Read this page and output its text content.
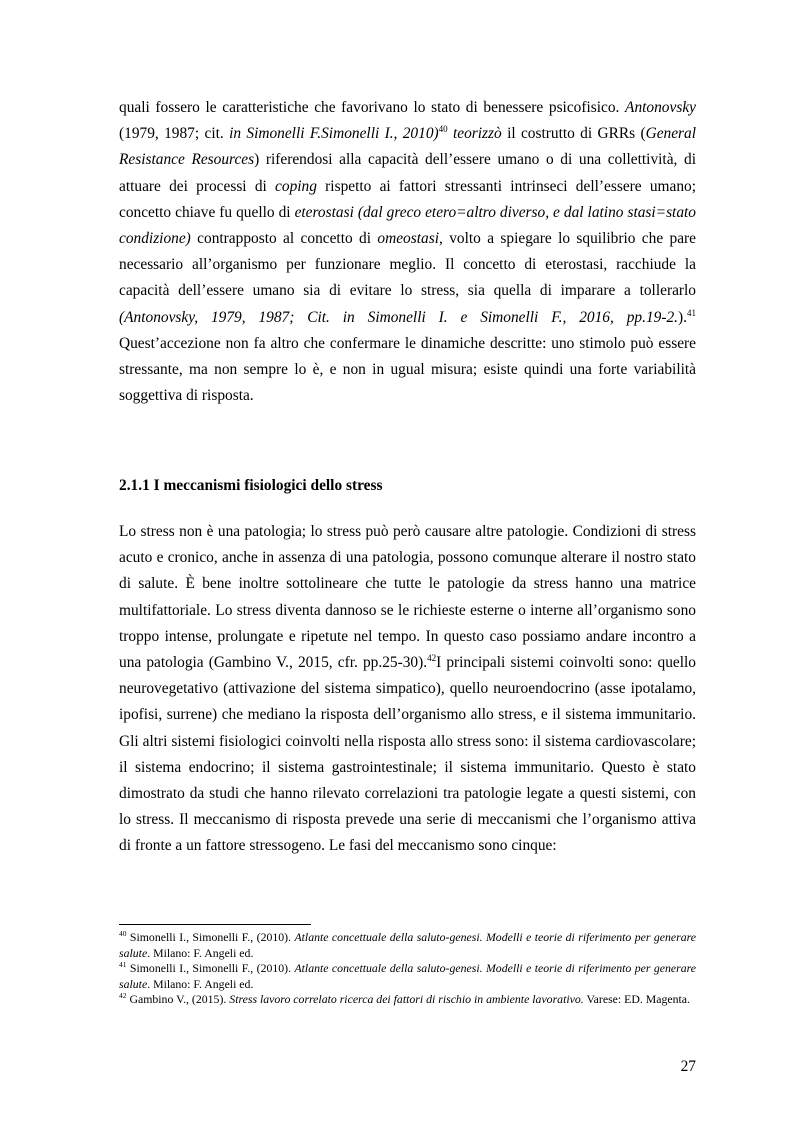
quali fossero le caratteristiche che favorivano lo stato di benessere psicofisico. Antonovsky (1979, 1987; cit. in Simonelli F.Simonelli I., 2010)$^{40}$ teorizzò il costrutto di GRRs (General Resistance Resources) riferendosi alla capacità dell’essere umano o di una collettività, di attuare dei processi di coping rispetto ai fattori stressanti intrinseci dell’essere umano; concetto chiave fu quello di eterostasi (dal greco etero=altro diverso, e dal latino stasi=stato condizione) contrapposto al concetto di omeostasi, volto a spiegare lo squilibrio che pare necessario all’organismo per funzionare meglio. Il concetto di eterostasi, racchiude la capacità dell’essere umano sia di evitare lo stress, sia quella di imparare a tollerarlo (Antonovsky, 1979, 1987; Cit. in Simonelli I. e Simonelli F., 2016, pp.19-2.).$^{41}$ Quest’accezione non fa altro che confermare le dinamiche descritte: uno stimolo può essere stressante, ma non sempre lo è, e non in ugual misura; esiste quindi una forte variabilità soggettiva di risposta.

2.1.1 I meccanismi fisiologici dello stress

Lo stress non è una patologia; lo stress può però causare altre patologie. Condizioni di stress acuto e cronico, anche in assenza di una patologia, possono comunque alterare il nostro stato di salute. È bene inoltre sottolineare che tutte le patologie da stress hanno una matrice multifattoriale. Lo stress diventa dannoso se le richieste esterne o interne all’organismo sono troppo intense, prolungate e ripetute nel tempo. In questo caso possiamo andare incontro a una patologia (Gambino V., 2015, cfr. pp.25-30).$^{42}$I principali sistemi coinvolti sono: quello neurovegetativo (attivazione del sistema simpatico), quello neuroendocrino (asse ipotalamo, ipofisi, surrene) che mediano la risposta dell’organismo allo stress, e il sistema immunitario. Gli altri sistemi fisiologici coinvolti nella risposta allo stress sono: il sistema cardiovascolare; il sistema endocrino; il sistema gastrointestinale; il sistema immunitario. Questo è stato dimostrato da studi che hanno rilevato correlazioni tra patologie legate a questi sistemi, con lo stress. Il meccanismo di risposta prevede una serie di meccanismi che l’organismo attiva di fronte a un fattore stressogeno. Le fasi del meccanismo sono cinque:

$^{40}$ Simonelli I., Simonelli F., (2010). Atlante concettuale della saluto-genesi. Modelli e teorie di riferimento per generare salute. Milano: F. Angeli ed.

$^{41}$ Simonelli I., Simonelli F., (2010). Atlante concettuale della saluto-genesi. Modelli e teorie di riferimento per generare salute. Milano: F. Angeli ed.

$^{42}$ Gambino V., (2015). Stress lavoro correlato ricerca dei fattori di rischio in ambiente lavorativo. Varese: ED. Magenta.

27
